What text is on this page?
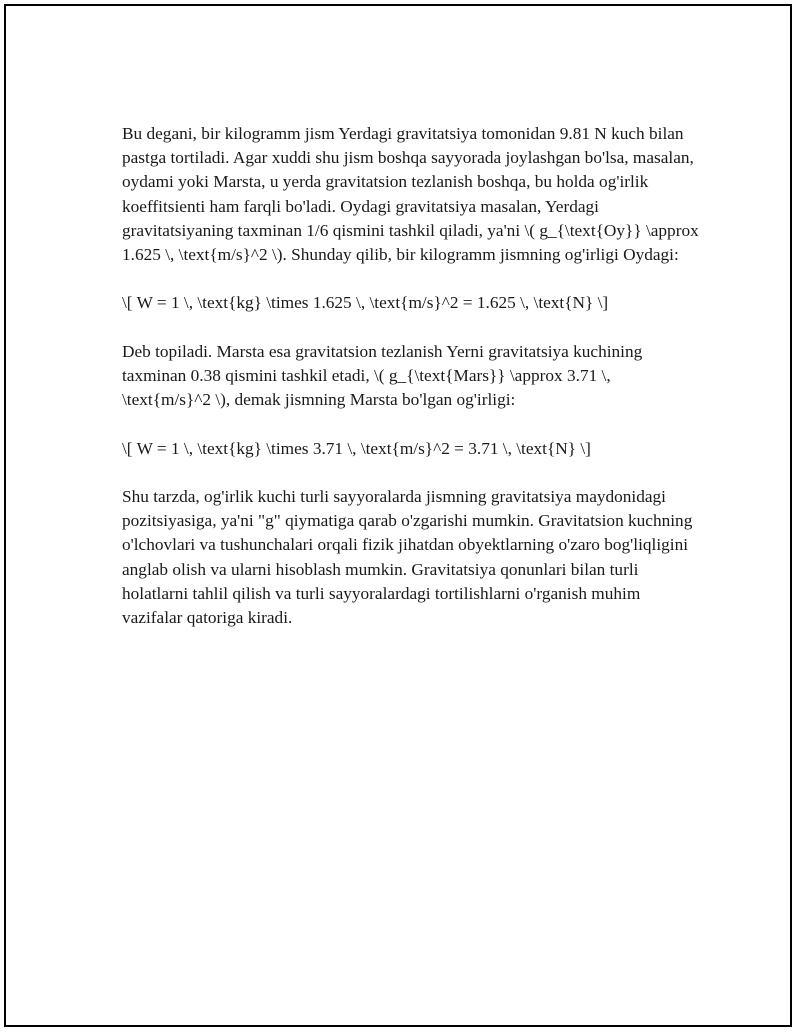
Bu degani, bir kilogramm jism Yerdagi gravitatsiya tomonidan 9.81 N kuch bilan pastga tortiladi. Agar xuddi shu jism boshqa sayyorada joylashgan bo'lsa, masalan, oydami yoki Marsta, u yerda gravitatsion tezlanish boshqa, bu holda og'irlik koeffitsienti ham farqli bo'ladi. Oydagi gravitatsiya masalan, Yerdagi gravitatsiyaning taxminan 1/6 qismini tashkil qiladi, ya'ni \( g_{\text{Oy}} \approx 1.625 \, \text{m/s}^2 \). Shunday qilib, bir kilogramm jismning og'irligi Oydagi:

\[ W = 1 \, \text{kg} \times 1.625 \, \text{m/s}^2 = 1.625 \, \text{N} \]

Deb topiladi. Marsta esa gravitatsion tezlanish Yerni gravitatsiya kuchining taxminan 0.38 qismini tashkil etadi, \( g_{\text{Mars}} \approx 3.71 \, \text{m/s}^2 \), demak jismning Marsta bo'lgan og'irligi:

\[ W = 1 \, \text{kg} \times 3.71 \, \text{m/s}^2 = 3.71 \, \text{N} \]

Shu tarzda, og'irlik kuchi turli sayyoralarda jismning gravitatsiya maydonidagi pozitsiyasiga, ya'ni "g" qiymatiga qarab o'zgarishi mumkin. Gravitatsion kuchning o'lchovlari va tushunchalari orqali fizik jihatdan obyektlarning o'zaro bog'liqligini anglab olish va ularni hisoblash mumkin. Gravitatsiya qonunlari bilan turli holatlarni tahlil qilish va turli sayyoralardagi tortilishlarni o'rganish muhim vazifalar qatoriga kiradi.
